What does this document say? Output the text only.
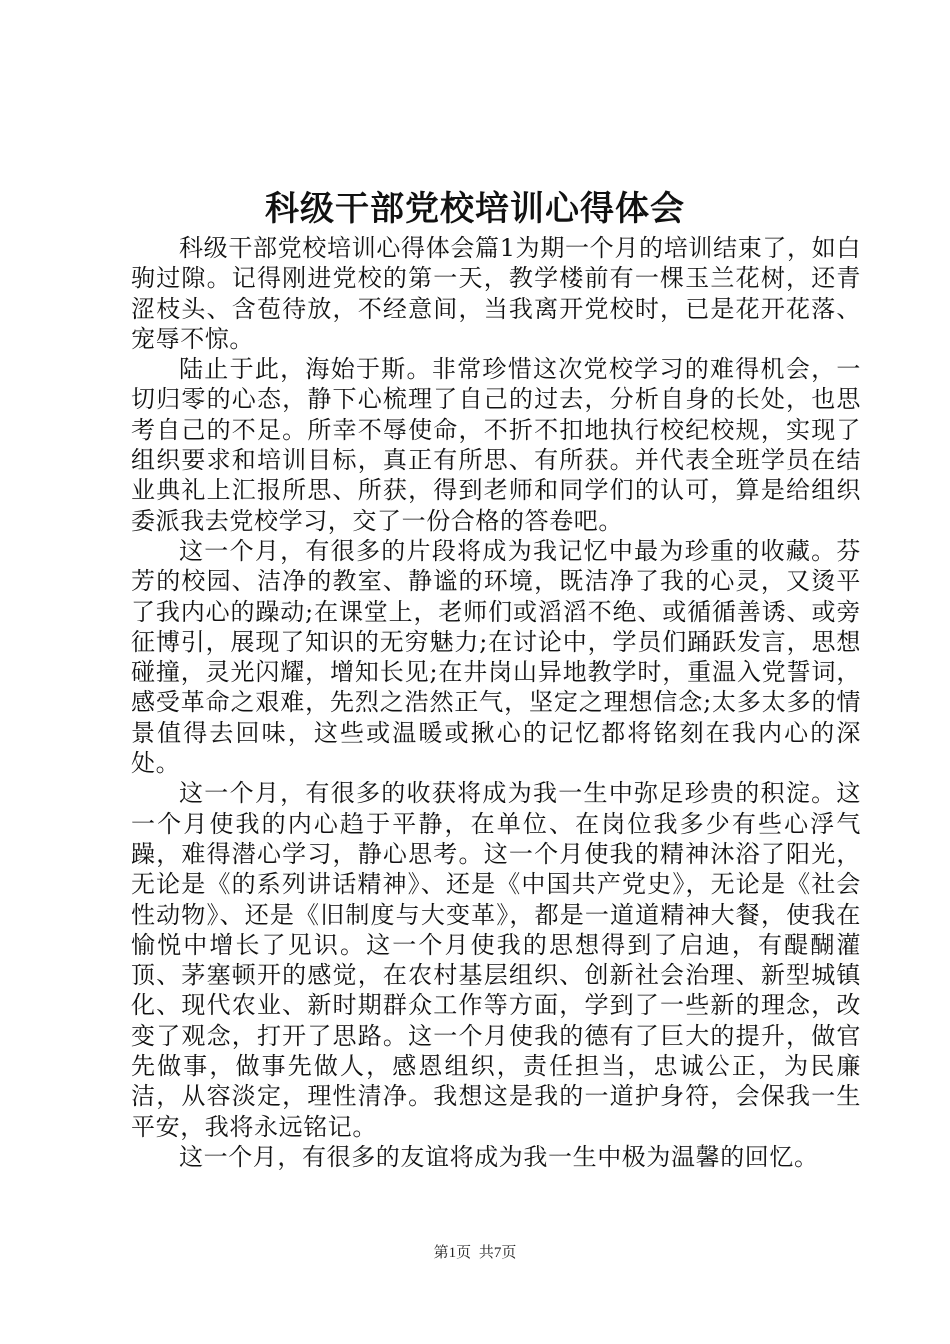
科级干部党校培训心得体会

科级干部党校培训心得体会篇1为期一个月的培训结束了，如白驹过隙。记得刚进党校的第一天，教学楼前有一棵玉兰花树，还青涩枝头、含苞待放，不经意间，当我离开党校时，已是花开花落、宠辱不惊。

陆止于此，海始于斯。非常珍惜这次党校学习的难得机会，一切归零的心态，静下心梳理了自己的过去，分析自身的长处，也思考自己的不足。所幸不辱使命，不折不扣地执行校纪校规，实现了组织要求和培训目标，真正有所思、有所获。并代表全班学员在结业典礼上汇报所思、所获，得到老师和同学们的认可，算是给组织委派我去党校学习，交了一份合格的答卷吧。

这一个月，有很多的片段将成为我记忆中最为珍重的收藏。芬芳的校园、洁净的教室、静谧的环境，既洁净了我的心灵，又烫平了我内心的躁动;在课堂上，老师们或滔滔不绝、或循循善诱、或旁征博引，展现了知识的无穷魅力;在讨论中，学员们踊跃发言，思想碰撞，灵光闪耀，增知长见;在井岗山异地教学时，重温入党誓词，感受革命之艰难，先烈之浩然正气，坚定之理想信念;太多太多的情景值得去回味，这些或温暖或揪心的记忆都将铭刻在我内心的深处。

这一个月，有很多的收获将成为我一生中弥足珍贵的积淀。这一个月使我的内心趋于平静，在单位、在岗位我多少有些心浮气躁，难得潜心学习，静心思考。这一个月使我的精神沐浴了阳光，无论是《的系列讲话精神》、还是《中国共产党史》，无论是《社会性动物》、还是《旧制度与大变革》，都是一道道精神大餐，使我在愉悦中增长了见识。这一个月使我的思想得到了启迪，有醍醐灌顶、茅塞顿开的感觉，在农村基层组织、创新社会治理、新型城镇化、现代农业、新时期群众工作等方面，学到了一些新的理念，改变了观念，打开了思路。这一个月使我的德有了巨大的提升，做官先做事，做事先做人，感恩组织，责任担当，忠诚公正，为民廉洁，从容淡定，理性清净。我想这是我的一道护身符，会保我一生平安，我将永远铭记。

这一个月，有很多的友谊将成为我一生中极为温馨的回忆。

第1页 共7页
